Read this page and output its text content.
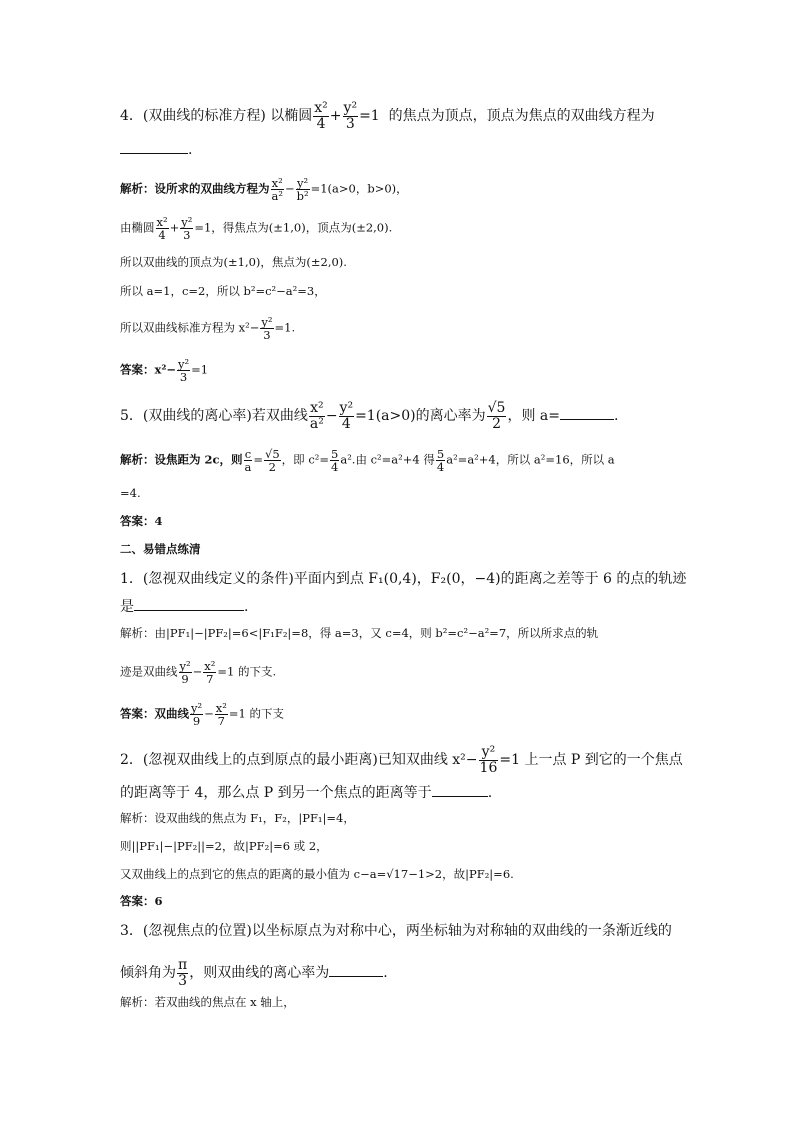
4．(双曲线的标准方程) 以椭圆 $\frac{\text{x²}}{4} + \frac{\text{y²}}{3} =1$ 的焦点为顶点，顶点为焦点的双曲线方程为
.
解析：设所求的双曲线方程为 $\frac{\text{x²}}{\text{a²}} - \frac{\text{y²}}{\text{b²}} =1(a>0$，b>0)，
由椭圆 $\frac{\text{x²}}{4} + \frac{\text{y²}}{3} =1$，得焦点为(±1,0)，顶点为(±2,0).
所以双曲线的顶点为(±1,0)，焦点为(±2,0).
所以 a=1，c=2，所以 b²=c²−a²=3，
所以双曲线标准方程为 $x^2- \frac{\text{y²}}{3} =1$.
答案：$x^2- \frac{\text{y²}}{3} =1$
5．(双曲线的离心率)若双曲线 $\frac{\text{x²}}{\text{a²}} - \frac{\text{y²}}{4} =1(a>0)$的离心率为 $\frac{√5}{2}$ ，则 a=	.
解析：设焦距为 2c，则 $\frac{c}{a} = \frac{√5}{2}$ ，即 $c^2= \frac{5}{4} a^2$.由 c²=a²+4 得 $\frac{5}{4} a^2=a^2+4$，所以 a²=16，所以 a
=4.
答案：4
二、易错点练清
1．(忽视双曲线定义的条件)平面内到点 F₁(0,4)，F₂(0，−4)的距离之差等于 6 的点的轨迹
是	.
解析：由|PF₁|−|PF₂|=6<|F₁F₂|=8，得 a=3，又 c=4，则 b²=c²−a²=7，所以所求点的轨
迹是双曲线 $\frac{\text{y²}}{9} - \frac{\text{x²}}{7} =1$ 的下支.
答案：双曲线 $\frac{\text{y²}}{9} - \frac{\text{x²}}{7} =1$ 的下支
2．(忽视双曲线上的点到原点的最小距离)已知双曲线 $x^2- \frac{\text{y²}}{16} =1$ 上一点 P 到它的一个焦点
的距离等于 4，那么点 P 到另一个焦点的距离等于	.
解析：设双曲线的焦点为 F₁，F₂，|PF₁|=4，
则||PF₁|−|PF₂||=2，故|PF₂|=6 或 2，
又双曲线上的点到它的焦点的距离的最小值为 c−a=√17−1>2，故|PF₂|=6.
答案：6
3．(忽视焦点的位置)以坐标原点为对称中心，两坐标轴为对称轴的双曲线的一条渐近线的
倾斜角为 $\frac{\pi}{3}$ ，则双曲线的离心率为	.
解析：若双曲线的焦点在 x 轴上，
